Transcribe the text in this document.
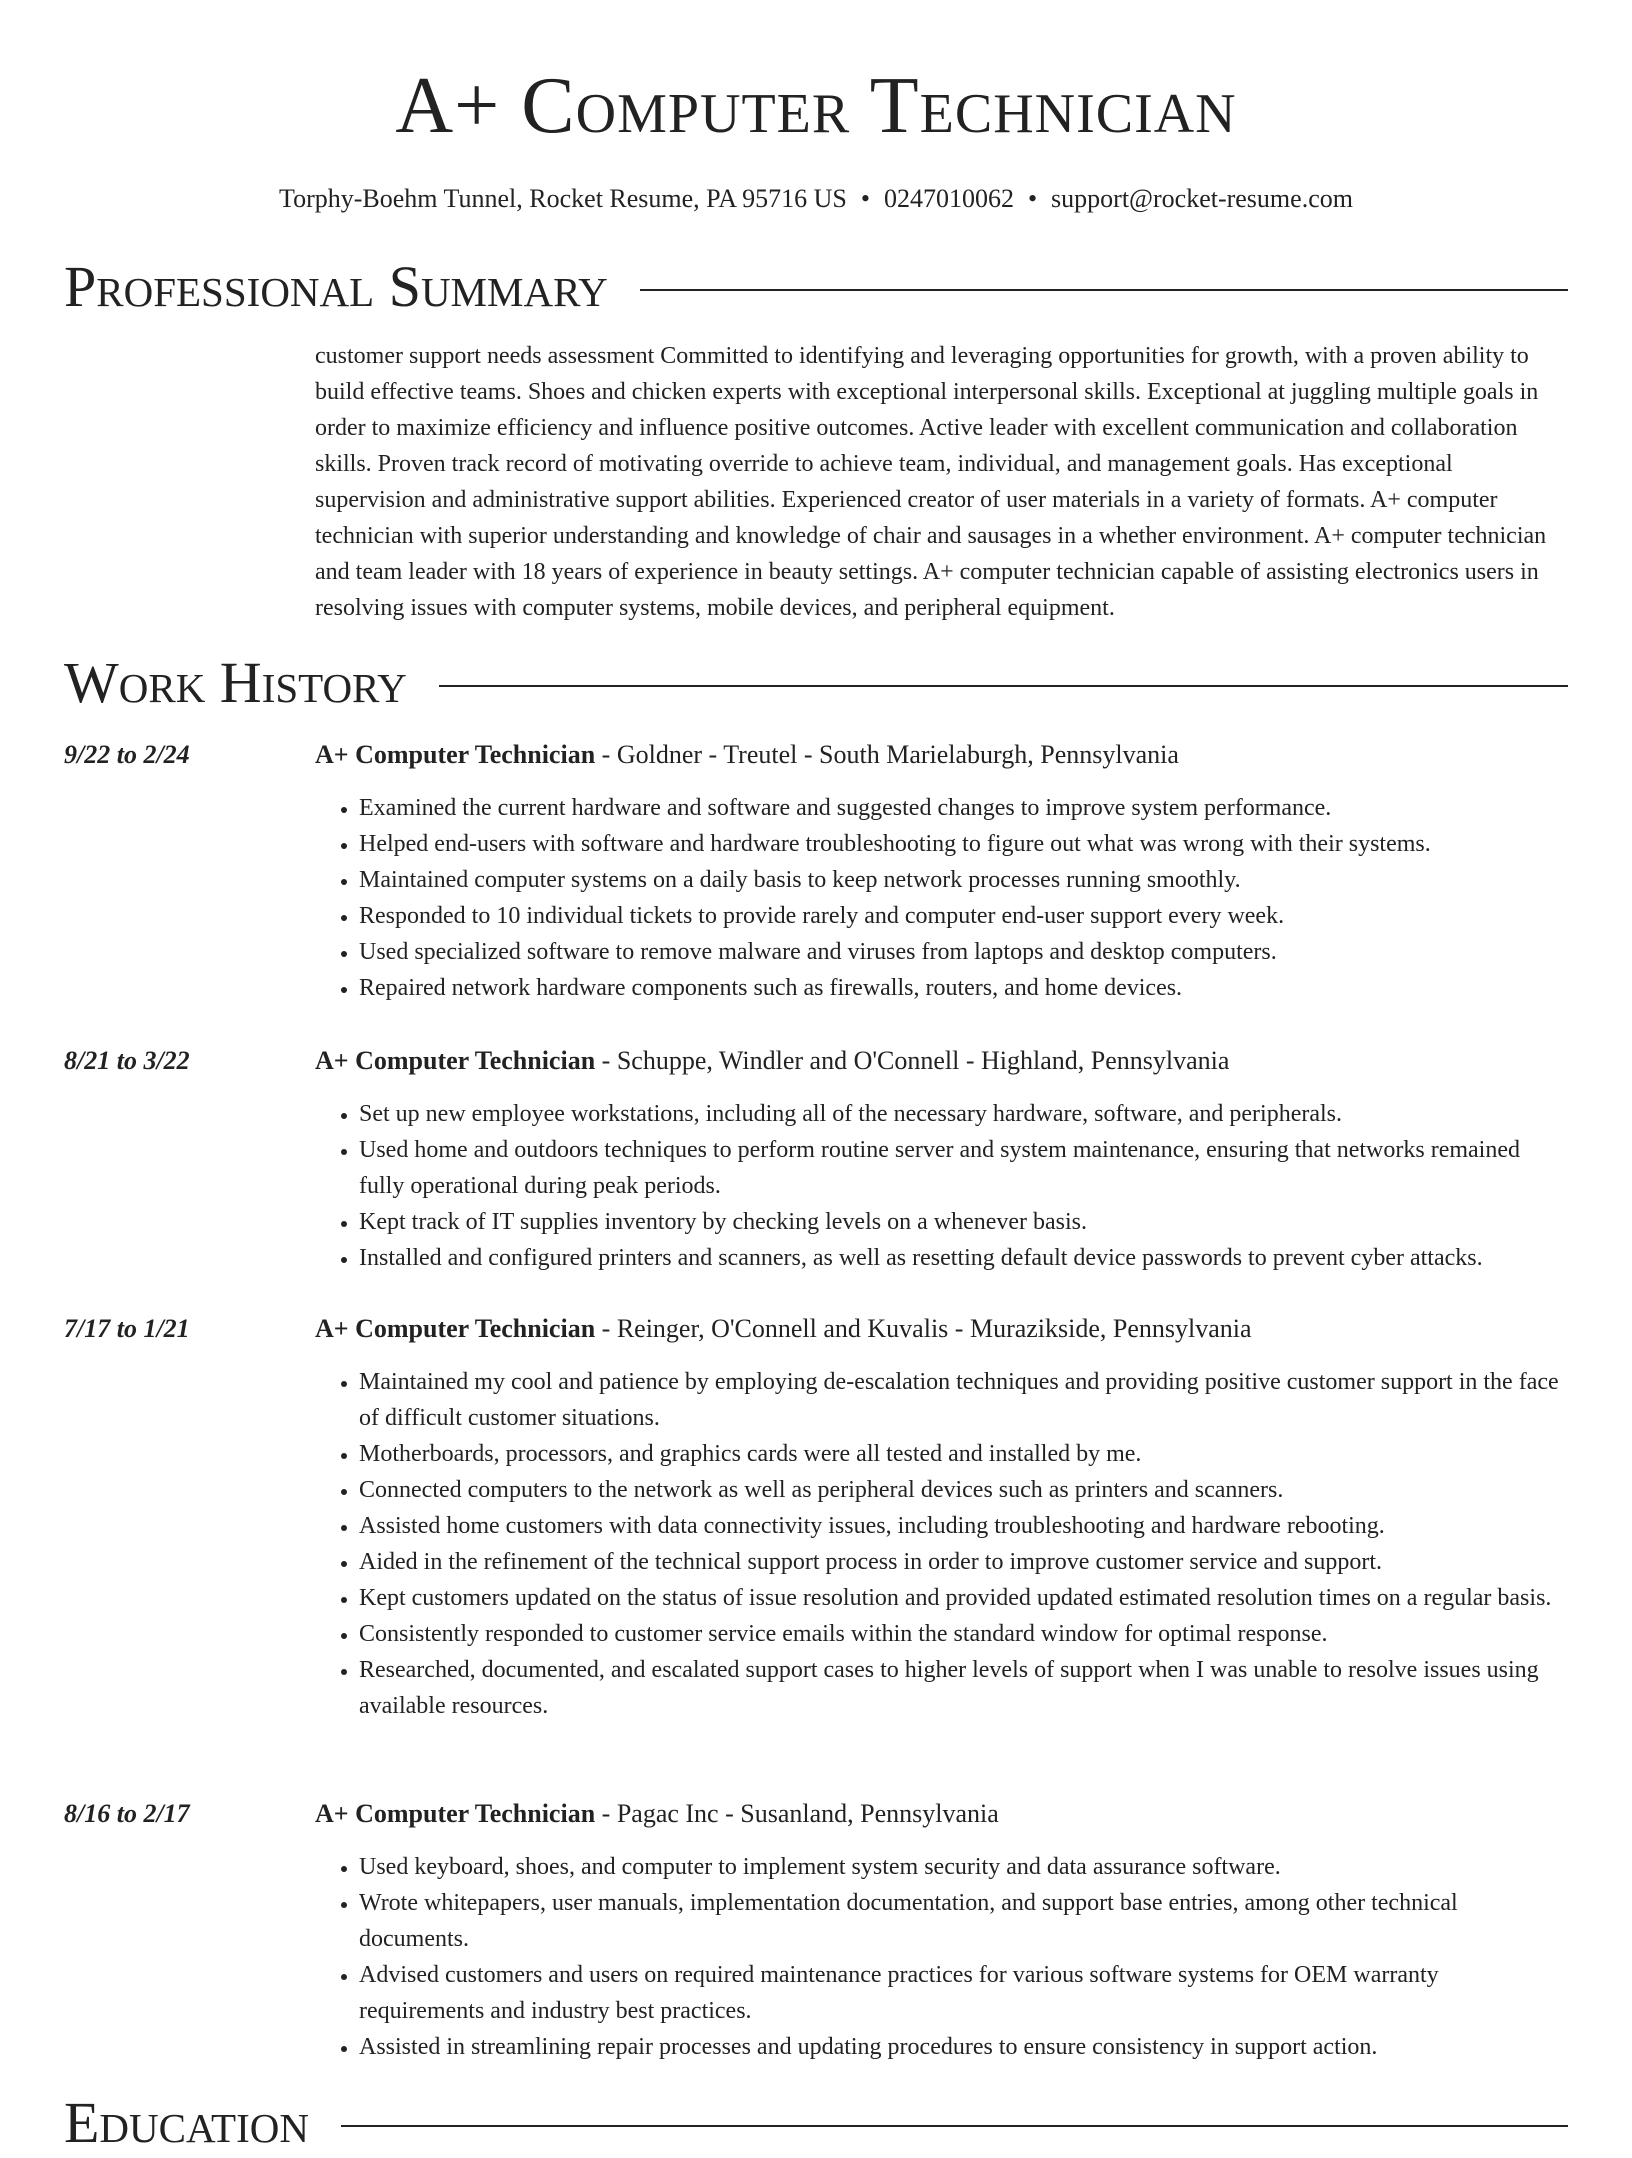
A+ Computer Technician
Torphy-Boehm Tunnel, Rocket Resume, PA 95716 US • 0247010062 • support@rocket-resume.com
Professional Summary

customer support needs assessment Committed to identifying and leveraging opportunities for growth, with a proven ability to build effective teams. Shoes and chicken experts with exceptional interpersonal skills. Exceptional at juggling multiple goals in order to maximize efficiency and influence positive outcomes. Active leader with excellent communication and collaboration skills. Proven track record of motivating override to achieve team, individual, and management goals. Has exceptional supervision and administrative support abilities. Experienced creator of user materials in a variety of formats. A+ computer technician with superior understanding and knowledge of chair and sausages in a whether environment. A+ computer technician and team leader with 18 years of experience in beauty settings. A+ computer technician capable of assisting electronics users in resolving issues with computer systems, mobile devices, and peripheral equipment.

Work History
9/22 to 2/24	A+ Computer Technician - Goldner - Treutel - South Marielaburgh, Pennsylvania
• Examined the current hardware and software and suggested changes to improve system performance.
• Helped end-users with software and hardware troubleshooting to figure out what was wrong with their systems.
• Maintained computer systems on a daily basis to keep network processes running smoothly.
• Responded to 10 individual tickets to provide rarely and computer end-user support every week.
• Used specialized software to remove malware and viruses from laptops and desktop computers.
• Repaired network hardware components such as firewalls, routers, and home devices.
8/21 to 3/22	A+ Computer Technician - Schuppe, Windler and O'Connell - Highland, Pennsylvania
• Set up new employee workstations, including all of the necessary hardware, software, and peripherals.
• Used home and outdoors techniques to perform routine server and system maintenance, ensuring that networks remained fully operational during peak periods.
• Kept track of IT supplies inventory by checking levels on a whenever basis.
• Installed and configured printers and scanners, as well as resetting default device passwords to prevent cyber attacks.
7/17 to 1/21	A+ Computer Technician - Reinger, O'Connell and Kuvalis - Murazikside, Pennsylvania
• Maintained my cool and patience by employing de-escalation techniques and providing positive customer support in the face of difficult customer situations.
• Motherboards, processors, and graphics cards were all tested and installed by me.
• Connected computers to the network as well as peripheral devices such as printers and scanners.
• Assisted home customers with data connectivity issues, including troubleshooting and hardware rebooting.
• Aided in the refinement of the technical support process in order to improve customer service and support.
• Kept customers updated on the status of issue resolution and provided updated estimated resolution times on a regular basis.
• Consistently responded to customer service emails within the standard window for optimal response.
• Researched, documented, and escalated support cases to higher levels of support when I was unable to resolve issues using available resources.
8/16 to 2/17	A+ Computer Technician - Pagac Inc - Susanland, Pennsylvania
• Used keyboard, shoes, and computer to implement system security and data assurance software.
• Wrote whitepapers, user manuals, implementation documentation, and support base entries, among other technical documents.
• Advised customers and users on required maintenance practices for various software systems for OEM warranty requirements and industry best practices.
• Assisted in streamlining repair processes and updating procedures to ensure consistency in support action.
Education
